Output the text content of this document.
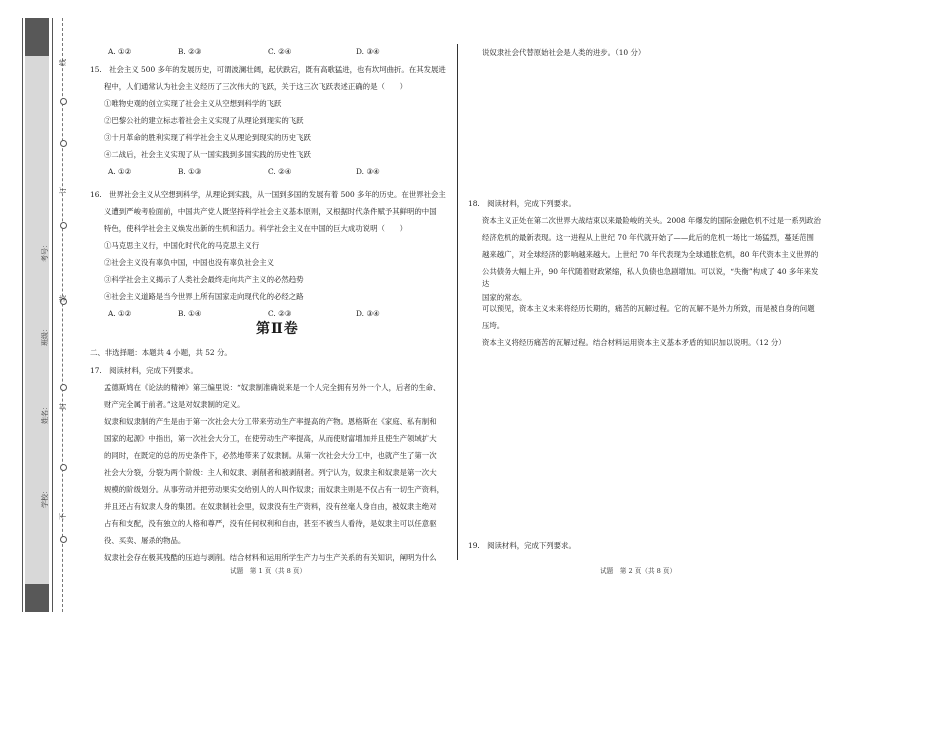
线
订
装
封
不
考号：
班级：
姓名：
学校：
A. ①②	B. ②③	C. ②④	D. ③④
15.　社会主义 500 多年的发展历史，可谓波澜壮阔，起伏跌宕，既有高歌猛进，也有坎坷曲折。在其发展进
程中，人们通常认为社会主义经历了三次伟大的飞跃，关于这三次飞跃表述正确的是（　　）
①唯物史观的创立实现了社会主义从空想到科学的飞跃
②巴黎公社的建立标志着社会主义实现了从理论到现实的飞跃
③十月革命的胜利实现了科学社会主义从理论到现实的历史飞跃
④二战后，社会主义实现了从一国实践到多国实践的历史性飞跃
A. ①②	B. ①③	C. ②④	D. ③④
16.　世界社会主义从空想到科学，从理论到实践，从一国到多国的发展有着 500 多年的历史。在世界社会主
义遭到严峻考验面前，中国共产党人既坚持科学社会主义基本原则，又根据时代条件赋予其鲜明的中国
特色，使科学社会主义焕发出新的生机和活力。科学社会主义在中国的巨大成功说明（　　）
①马克思主义行，中国化时代化的马克思主义行
②社会主义没有辜负中国，中国也没有辜负社会主义
③科学社会主义揭示了人类社会最终走向共产主义的必然趋势
④社会主义道路是当今世界上所有国家走向现代化的必经之路
A. ①②	B. ①④	C. ②③	D. ③④
第Ⅱ卷
二、非选择题：本题共 4 小题，共 52 分。
17.　阅读材料，完成下列要求。
孟德斯鸠在《论法的精神》第三编里说：“奴隶制准确说来是一个人完全拥有另外一个人，后者的生命、
财产完全属于前者。”这是对奴隶制的定义。
奴隶和奴隶制的产生是由于第一次社会大分工带来劳动生产率提高的产物。恩格斯在《家庭、私有制和
国家的起源》中指出，第一次社会大分工，在使劳动生产率提高，从而使财富增加并且使生产领域扩大
的同时，在既定的总的历史条件下，必然地带来了奴隶制。从第一次社会大分工中，也就产生了第一次
社会大分裂，分裂为两个阶级：主人和奴隶、剥削者和被剥削者。列宁认为，奴隶主和奴隶是第一次大
规模的阶级划分。从事劳动并把劳动果实交给别人的人叫作奴隶；而奴隶主则是不仅占有一切生产资料，
并且还占有奴隶人身的集团。在奴隶制社会里，奴隶没有生产资料，没有丝毫人身自由，被奴隶主绝对
占有和支配，没有独立的人格和尊严，没有任何权利和自由，甚至不被当人看待，是奴隶主可以任意驱
役、买卖、屠杀的物品。
奴隶社会存在极其残酷的压迫与剥削。结合材料和运用所学生产力与生产关系的有关知识，阐明为什么
说奴隶社会代替原始社会是人类的进步。（10 分）
18.　阅读材料，完成下列要求。
资本主义正处在第二次世界大战结束以来最险峻的关头。2008 年爆发的国际金融危机不过是一系列政治
经济危机的最新表现。这一进程从上世纪 70 年代就开始了——此后的危机一场比一场猛烈，蔓延范围
越来越广，对全球经济的影响越来越大。上世纪 70 年代表现为全球通胀危机，80 年代资本主义世界的
公共债务大幅上升，90 年代随着财政紧缩，私人负债也急剧增加。可以说，“失衡”构成了 40 多年来发
达
国家的常态。
可以预见，资本主义未来将经历长期的，痛苦的瓦解过程。它的瓦解不是外力所致，而是被自身的问题
压垮。
资本主义将经历痛苦的瓦解过程。结合材料运用资本主义基本矛盾的知识加以说明。（12 分）
19.　阅读材料，完成下列要求。
试题　第 1 页（共 8 页）	试题　第 2 页（共 8 页）
